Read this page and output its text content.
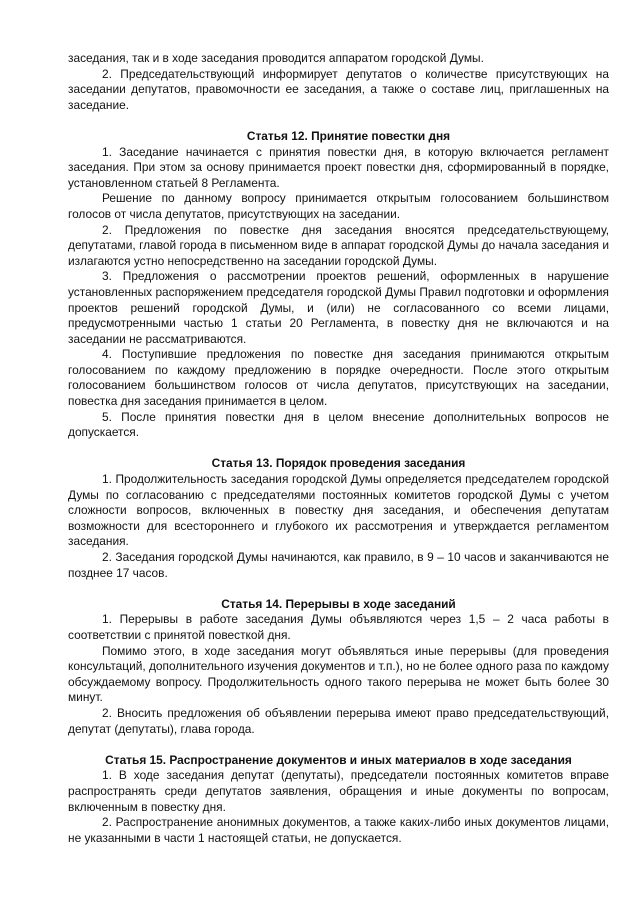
заседания, так и в ходе заседания проводится аппаратом городской Думы.

2. Председательствующий информирует депутатов о количестве присутствующих на заседании депутатов, правомочности ее заседания, а также о составе лиц, приглашенных на заседание.

Статья 12. Принятие повестки дня

1. Заседание начинается с принятия повестки дня, в которую включается регламент заседания. При этом за основу принимается проект повестки дня, сформированный в порядке, установленном статьей 8 Регламента.

Решение по данному вопросу принимается открытым голосованием большинством голосов от числа депутатов, присутствующих на заседании.

2. Предложения по повестке дня заседания вносятся председательствующему, депутатами, главой города в письменном виде в аппарат городской Думы до начала заседания и излагаются устно непосредственно на заседании городской Думы.

3. Предложения о рассмотрении проектов решений, оформленных в нарушение установленных распоряжением председателя городской Думы Правил подготовки и оформления проектов решений городской Думы, и (или) не согласованного со всеми лицами, предусмотренными частью 1 статьи 20 Регламента, в повестку дня не включаются и на заседании не рассматриваются.

4. Поступившие предложения по повестке дня заседания принимаются открытым голосованием по каждому предложению в порядке очередности. После этого открытым голосованием большинством голосов от числа депутатов, присутствующих на заседании, повестка дня заседания принимается в целом.

5. После принятия повестки дня в целом внесение дополнительных вопросов не допускается.

Статья 13. Порядок проведения заседания

1. Продолжительность заседания городской Думы определяется председателем городской Думы по согласованию с председателями постоянных комитетов городской Думы с учетом сложности вопросов, включенных в повестку дня заседания, и обеспечения депутатам возможности для всестороннего и глубокого их рассмотрения и утверждается регламентом заседания.

2. Заседания городской Думы начинаются, как правило, в 9 – 10 часов и заканчиваются не позднее 17 часов.

Статья 14. Перерывы в ходе заседаний

1. Перерывы в работе заседания Думы объявляются через 1,5 – 2 часа работы в соответствии с принятой повесткой дня.

Помимо этого, в ходе заседания могут объявляться иные перерывы (для проведения консультаций, дополнительного изучения документов и т.п.), но не более одного раза по каждому обсуждаемому вопросу. Продолжительность одного такого перерыва не может быть более 30 минут.

2. Вносить предложения об объявлении перерыва имеют право председательствующий, депутат (депутаты), глава города.

Статья 15. Распространение документов и иных материалов в ходе заседания

1. В ходе заседания депутат (депутаты), председатели постоянных комитетов вправе распространять среди депутатов заявления, обращения и иные документы по вопросам, включенным в повестку дня.

2. Распространение анонимных документов, а также каких-либо иных документов лицами, не указанными в части 1 настоящей статьи, не допускается.
